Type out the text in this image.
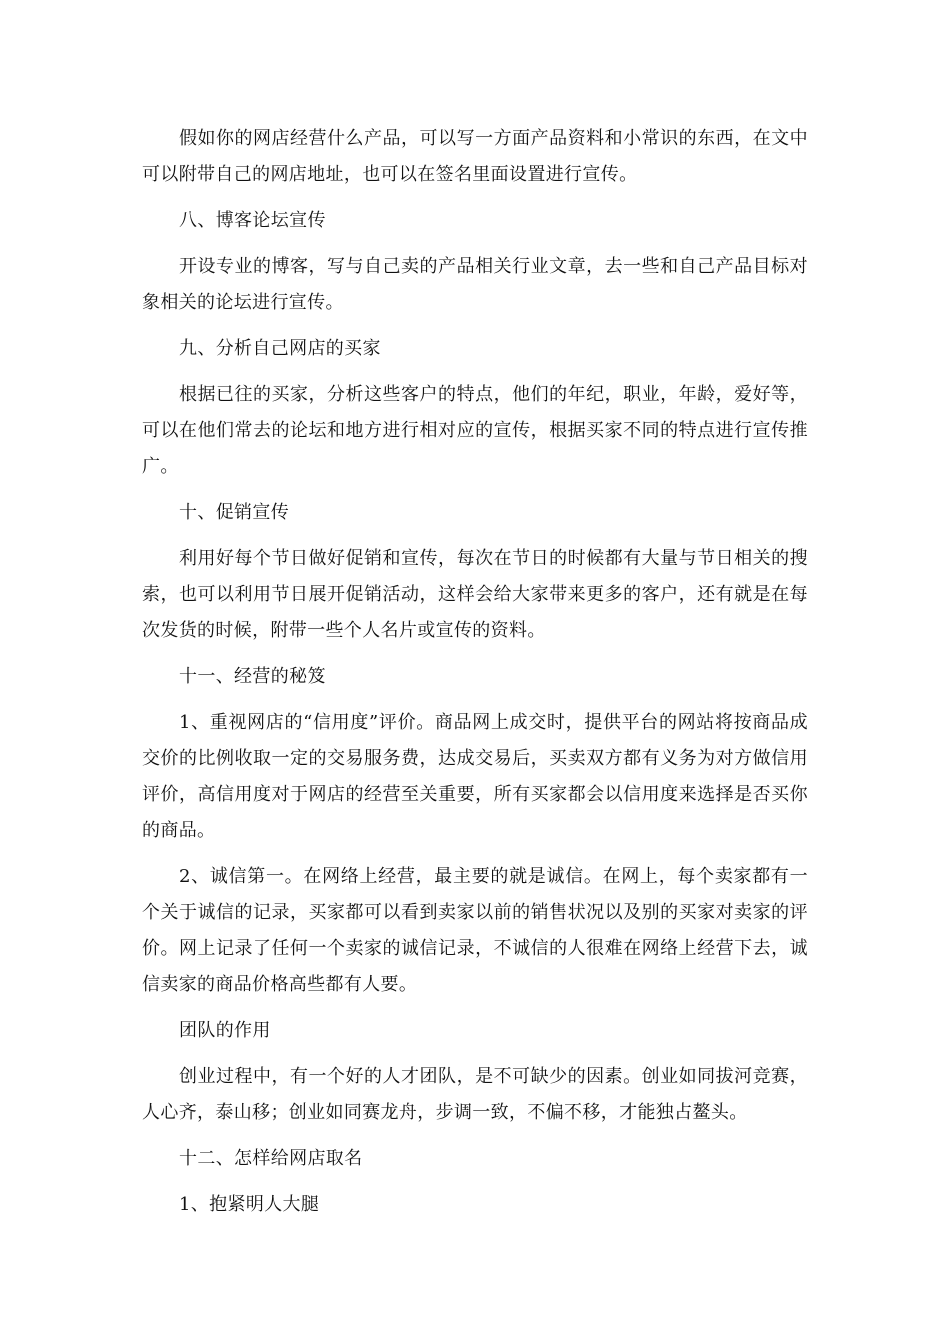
假如你的网店经营什么产品，可以写一方面产品资料和小常识的东西，在文中可以附带自己的网店地址，也可以在签名里面设置进行宣传。

八、博客论坛宣传

开设专业的博客，写与自己卖的产品相关行业文章，去一些和自己产品目标对象相关的论坛进行宣传。

九、分析自己网店的买家

根据已往的买家，分析这些客户的特点，他们的年纪，职业，年龄，爱好等，可以在他们常去的论坛和地方进行相对应的宣传，根据买家不同的特点进行宣传推广。

十、促销宣传

利用好每个节日做好促销和宣传，每次在节日的时候都有大量与节日相关的搜索，也可以利用节日展开促销活动，这样会给大家带来更多的客户，还有就是在每次发货的时候，附带一些个人名片或宣传的资料。

十一、经营的秘笈

1、重视网店的“信用度”评价。商品网上成交时，提供平台的网站将按商品成交价的比例收取一定的交易服务费，达成交易后，买卖双方都有义务为对方做信用评价，高信用度对于网店的经营至关重要，所有买家都会以信用度来选择是否买你的商品。

2、诚信第一。在网络上经营，最主要的就是诚信。在网上，每个卖家都有一个关于诚信的记录，买家都可以看到卖家以前的销售状况以及别的买家对卖家的评价。网上记录了任何一个卖家的诚信记录，不诚信的人很难在网络上经营下去，诚信卖家的商品价格高些都有人要。

团队的作用

创业过程中，有一个好的人才团队，是不可缺少的因素。创业如同拔河竞赛，人心齐，泰山移；创业如同赛龙舟，步调一致，不偏不移，才能独占鳌头。

十二、怎样给网店取名

1、抱紧明人大腿
